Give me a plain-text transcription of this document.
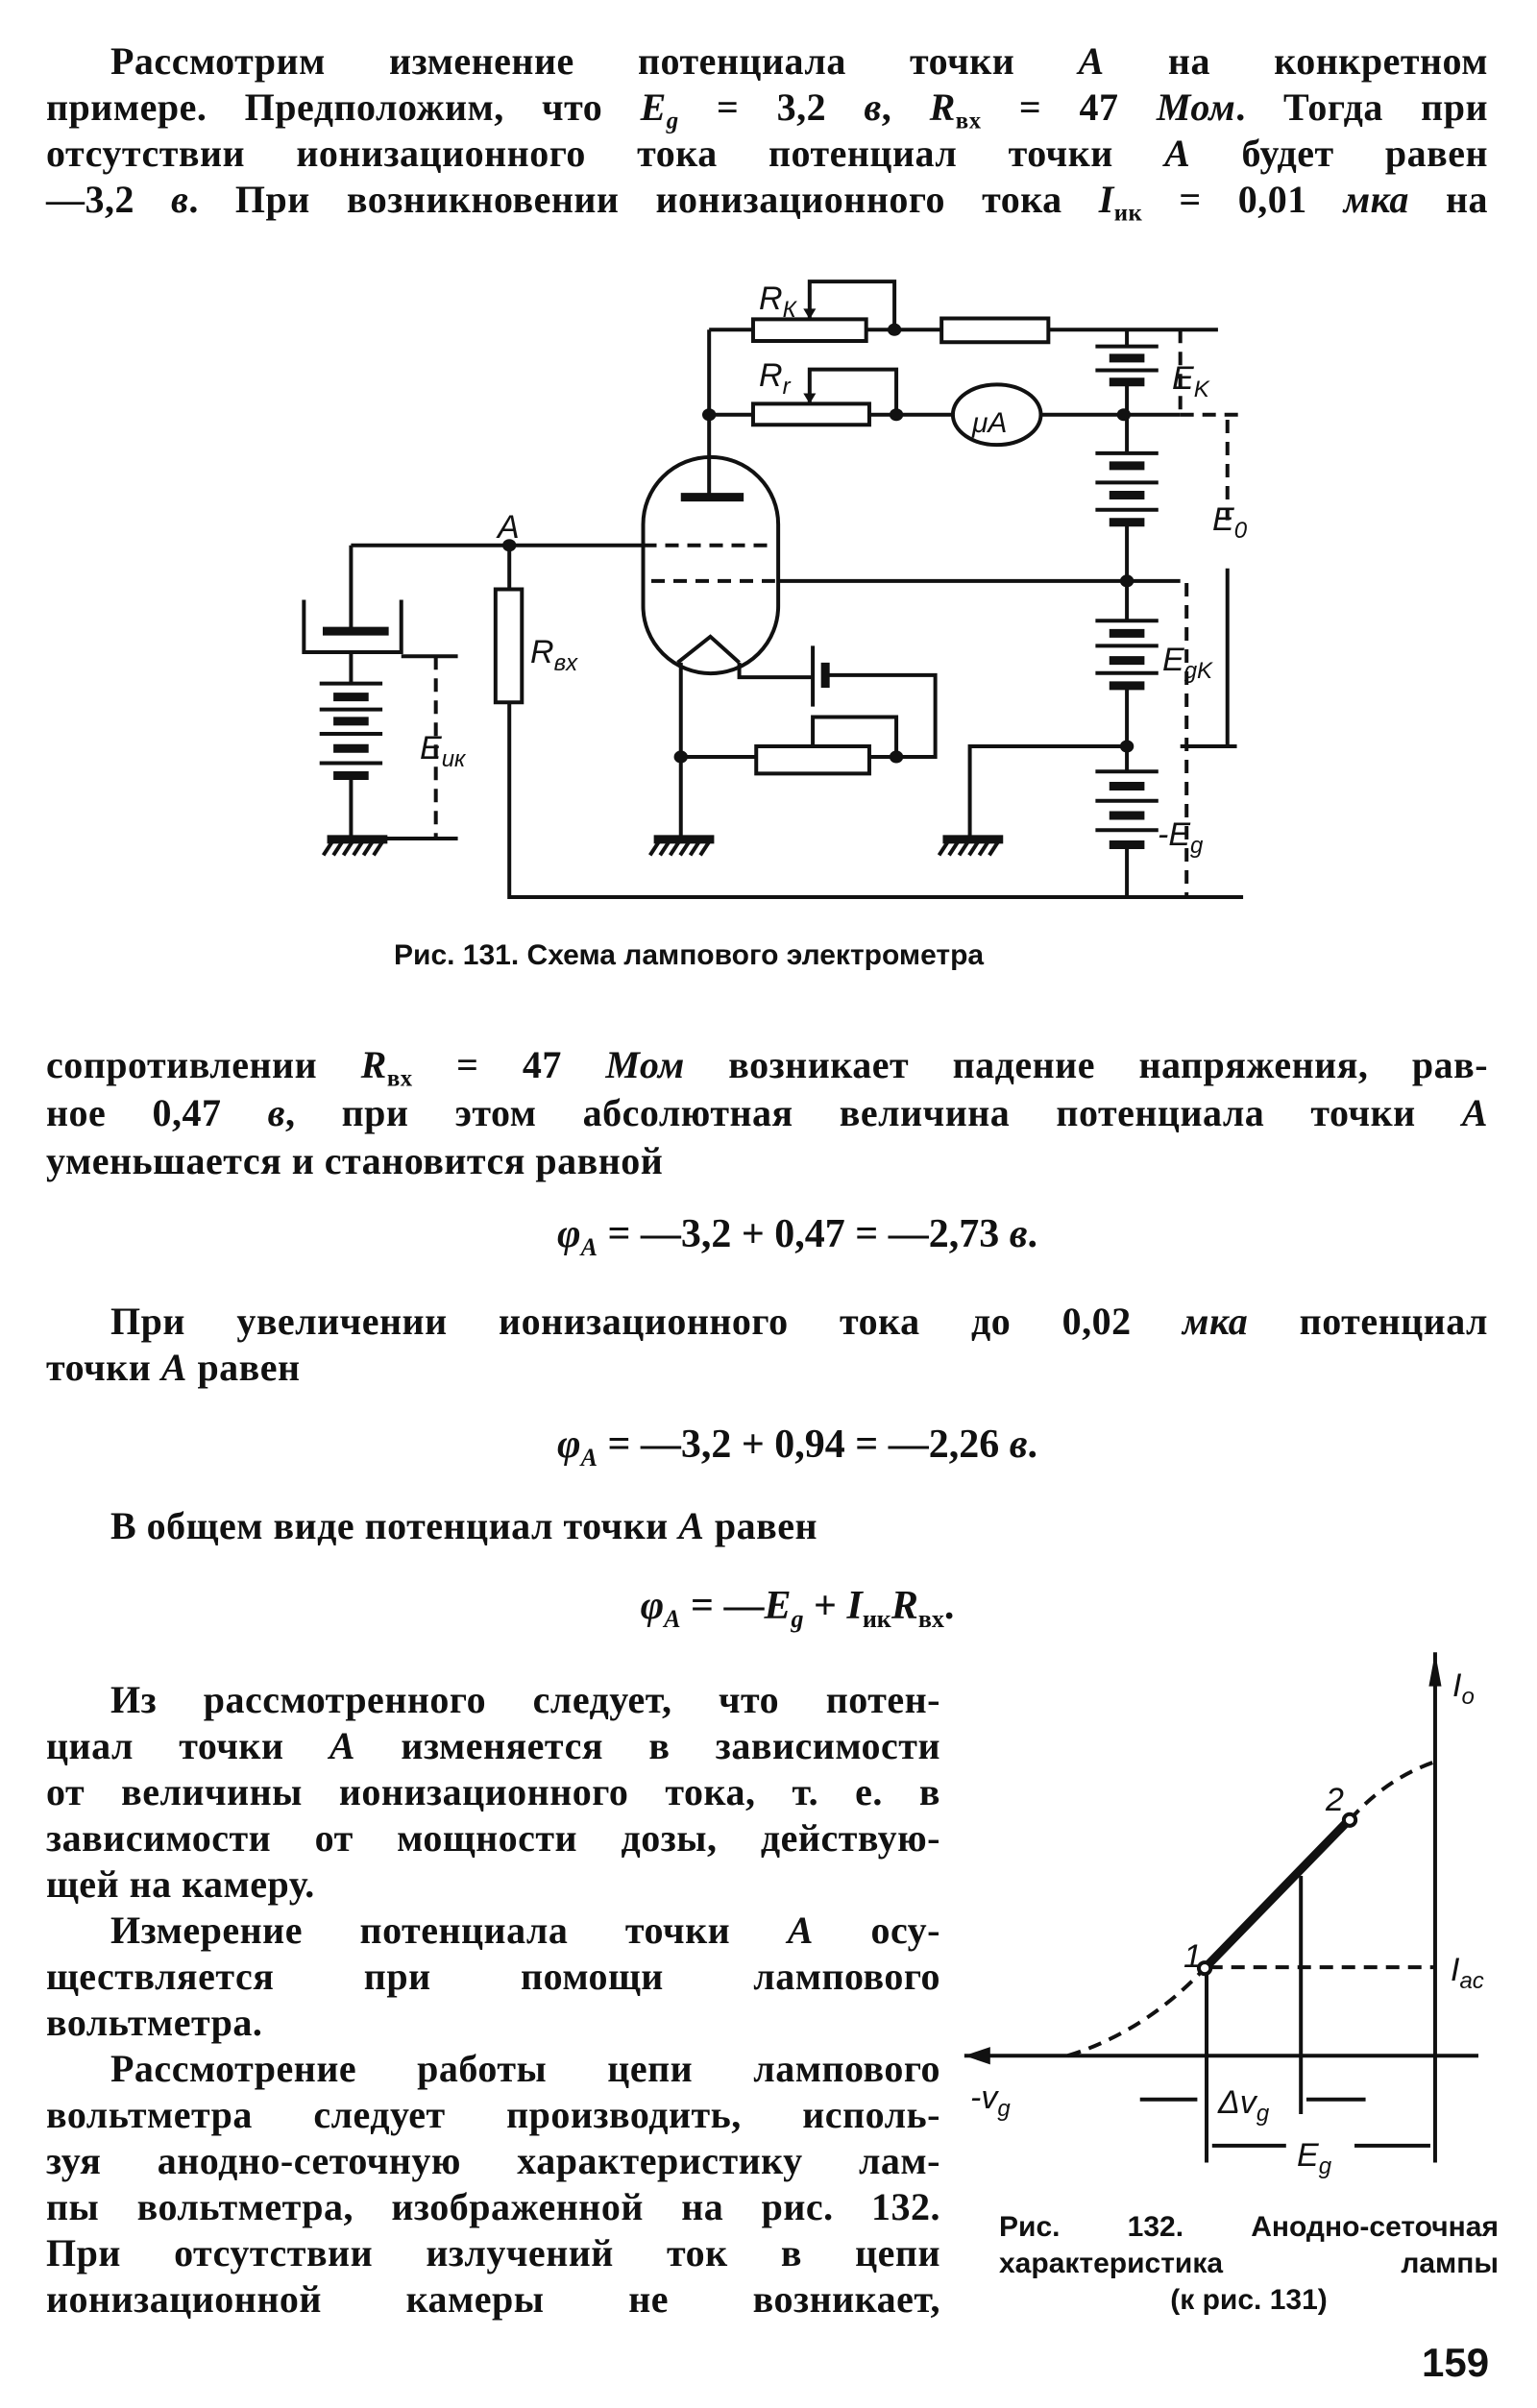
Рассмотрим изменение потенциала точки A на конкретном
примере. Предположим, что $E_g = 3,2$ в, $R_{вх} = 47$ Мом. Тогда при
отсутствии ионизационного тока потенциал точки A будет равен
—3,2 в. При возникновении ионизационного тока $I_{ик} = 0,01$ мка на
сопротивлении $R_{вх} = 47$ Мом возникает падение напряжения, рав-
ное 0,47 в, при этом абсолютная величина потенциала точки A
уменьшается и становится равной
При увеличении ионизационного тока до 0,02 мка потенциал
точки A равен
В общем виде потенциал точки A равен
Из рассмотренного следует, что потен-
циал точки A изменяется в зависимости
от величины ионизационного тока, т. е. в
зависимости от мощности дозы, действую-
щей на камеру.
Измерение потенциала точки A осу-
ществляется при помощи лампового
вольтметра.
Рассмотрение работы цепи лампового
вольтметра следует производить, исполь-
зуя анодно-сеточную характеристику лам-
пы вольтметра, изображенной на рис. 132.
При отсутствии излучений ток в цепи
ионизационной камеры не возникает,
$\varphi_A$ = —3,2 + 0,47 = —2,73 в.
$\varphi_A$ = —3,2 + 0,94 = —2,26 в.
$\varphi_A$ = $—E_g + I_{ик}R_{вх}$.
A
$R_К$
$R_r$
μA
$E_K$
$E_0$
$E_{gK}$
$-E_g$
$R_{вх}$
$E_{ик}$
$I_o$
2
1	$I_{ac}$
$-v_g$	$\Delta v_g$
$E_g$
Рис. 131. Схема лампового электрометра
Рис. 132. Анодно-сеточная
характеристика лампы
(к рис. 131)
159
